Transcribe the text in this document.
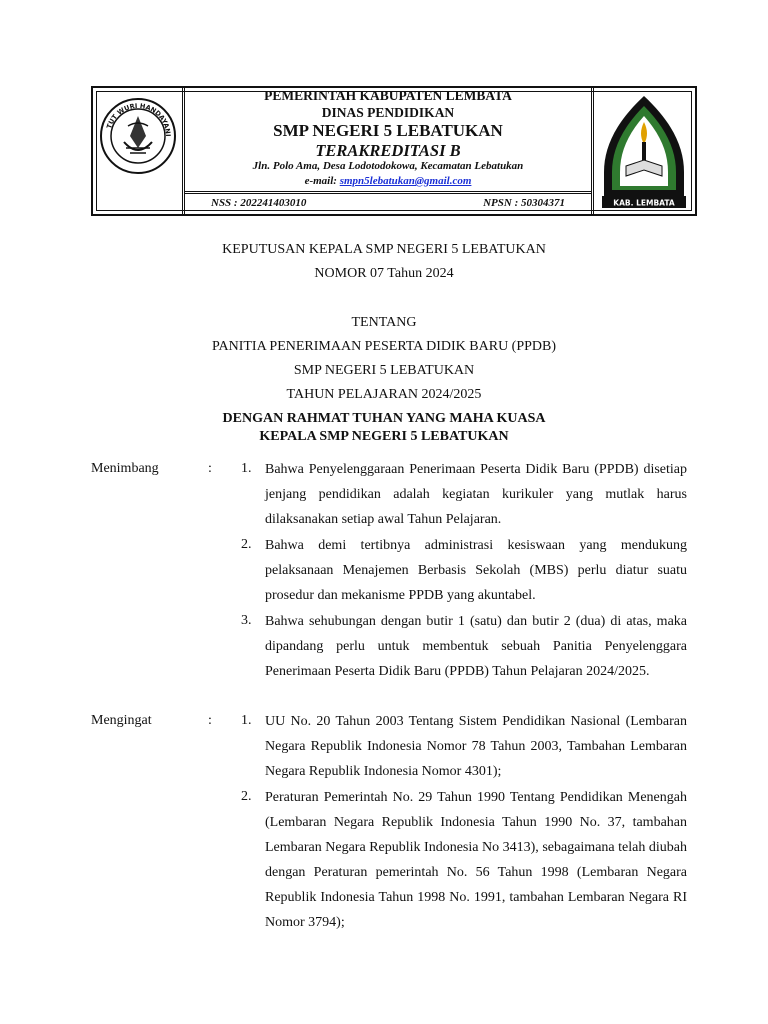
TUT WURI HANDAYANI
KAB. LEMBATA
PEMERINTAH KABUPATEN LEMBATA
DINAS PENDIDIKAN
SMP NEGERI 5 LEBATUKAN
TERAKREDITASI B
Jln. Polo Ama, Desa Lodotodokowa, Kecamatan Lebatukan
e-mail: smpn5lebatukan@gmail.com
NSS : 202241403010	NPSN : 50304371
KEPUTUSAN KEPALA SMP NEGERI 5 LEBATUKAN
NOMOR 07 Tahun 2024
TENTANG
PANITIA PENERIMAAN PESERTA DIDIK BARU (PPDB)
SMP NEGERI 5 LEBATUKAN
TAHUN PELAJARAN 2024/2025
DENGAN RAHMAT TUHAN YANG MAHA KUASA
KEPALA SMP NEGERI 5 LEBATUKAN
Menimbang	: 1. Bahwa Penyelenggaraan Penerimaan Peserta Didik Baru (PPDB) disetiap jenjang pendidikan adalah kegiatan kurikuler yang mutlak harus dilaksanakan setiap awal Tahun Pelajaran.
2. Bahwa demi tertibnya administrasi kesiswaan yang mendukung pelaksanaan Menajemen Berbasis Sekolah (MBS) perlu diatur suatu prosedur dan mekanisme PPDB yang akuntabel.
3. Bahwa sehubungan dengan butir 1 (satu) dan butir 2 (dua) di atas, maka dipandang perlu untuk membentuk sebuah Panitia Penyelenggara Penerimaan Peserta Didik Baru (PPDB) Tahun Pelajaran 2024/2025.
Mengingat	: 1. UU No. 20 Tahun 2003 Tentang Sistem Pendidikan Nasional (Lembaran Negara Republik Indonesia Nomor 78 Tahun 2003, Tambahan Lembaran Negara Republik Indonesia Nomor 4301);
2. Peraturan Pemerintah No. 29 Tahun 1990 Tentang Pendidikan Menengah (Lembaran Negara Republik Indonesia Tahun 1990 No. 37, tambahan Lembaran Negara Republik Indonesia No 3413), sebagaimana telah diubah dengan Peraturan pemerintah No. 56 Tahun 1998 (Lembaran Negara Republik Indonesia Tahun 1998 No. 1991, tambahan Lembaran Negara RI Nomor 3794);
